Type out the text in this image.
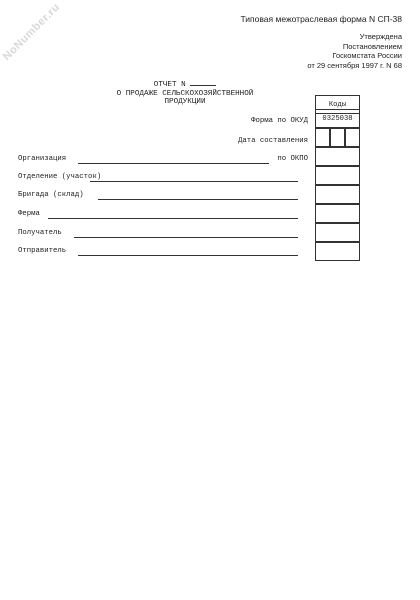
NoNumber.ru	Типовая межотраслевая форма N СП-38
Утверждена
Постановлением
Госкомстата России
от 29 сентября 1997 г. N 68
ОТЧЕТ N
О ПРОДАЖЕ СЕЛЬСКОХОЗЯЙСТВЕННОЙ
ПРОДУКЦИИ
Форма по ОКУД
Дата составления
по ОКПО
Коды
0325038
Организация
Отделение (участок)
Бригада (склад)
Ферма
Получатель
Отправитель
